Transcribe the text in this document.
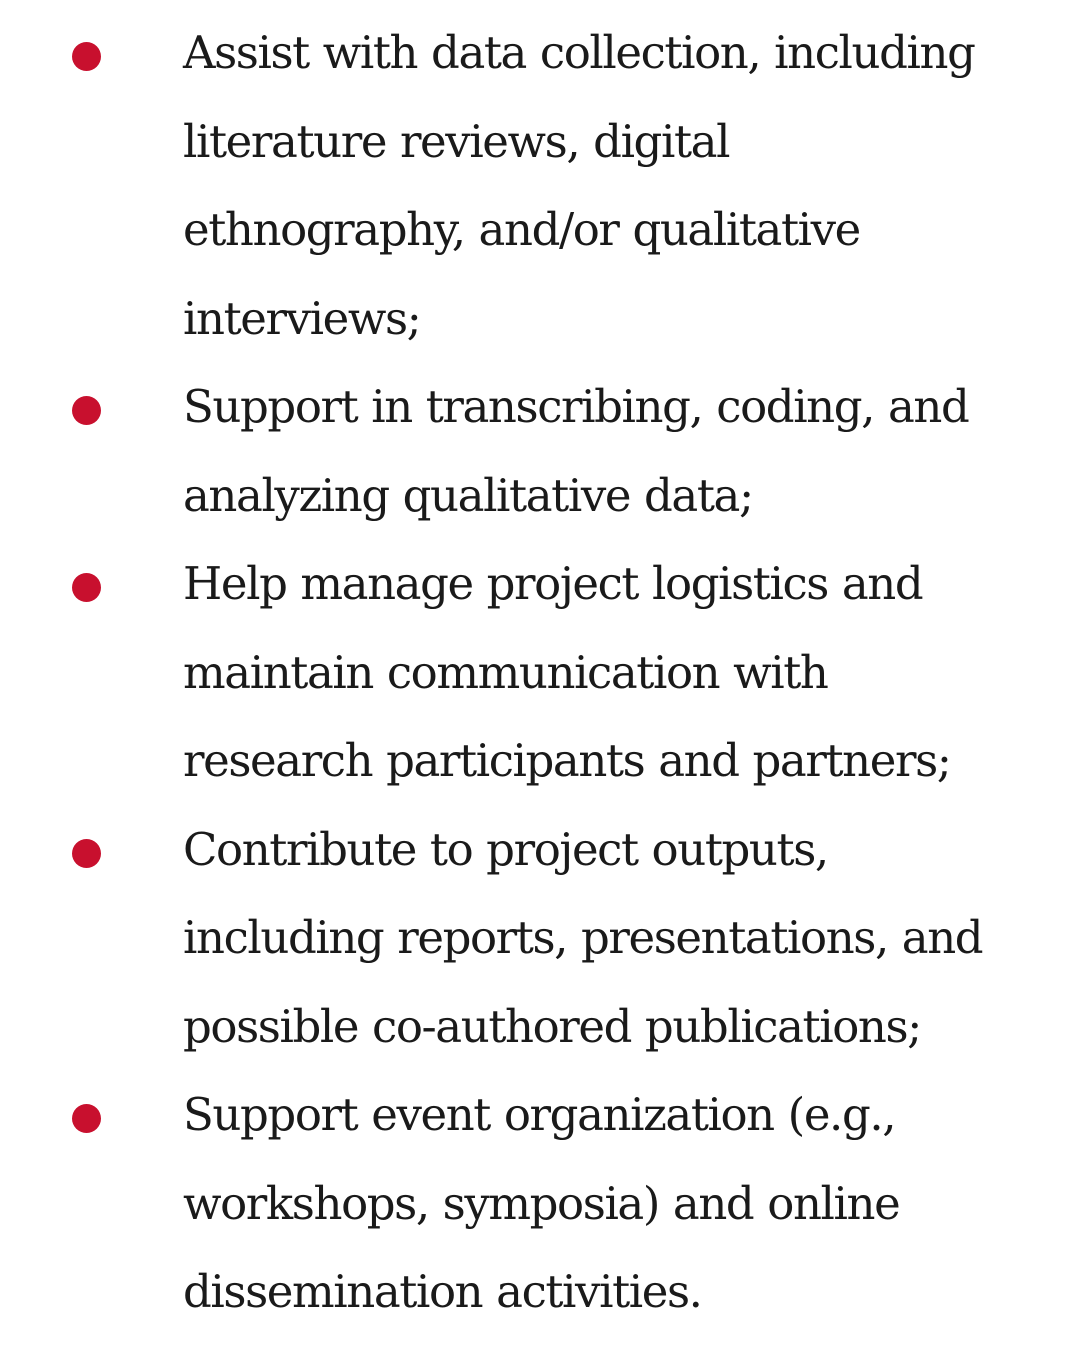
Assist with data collection, including
literature reviews, digital
ethnography, and/or qualitative
interviews;
Support in transcribing, coding, and
analyzing qualitative data;
Help manage project logistics and
maintain communication with
research participants and partners;
Contribute to project outputs,
including reports, presentations, and
possible co-authored publications;
Support event organization (e.g.,
workshops, symposia) and online
dissemination activities.
